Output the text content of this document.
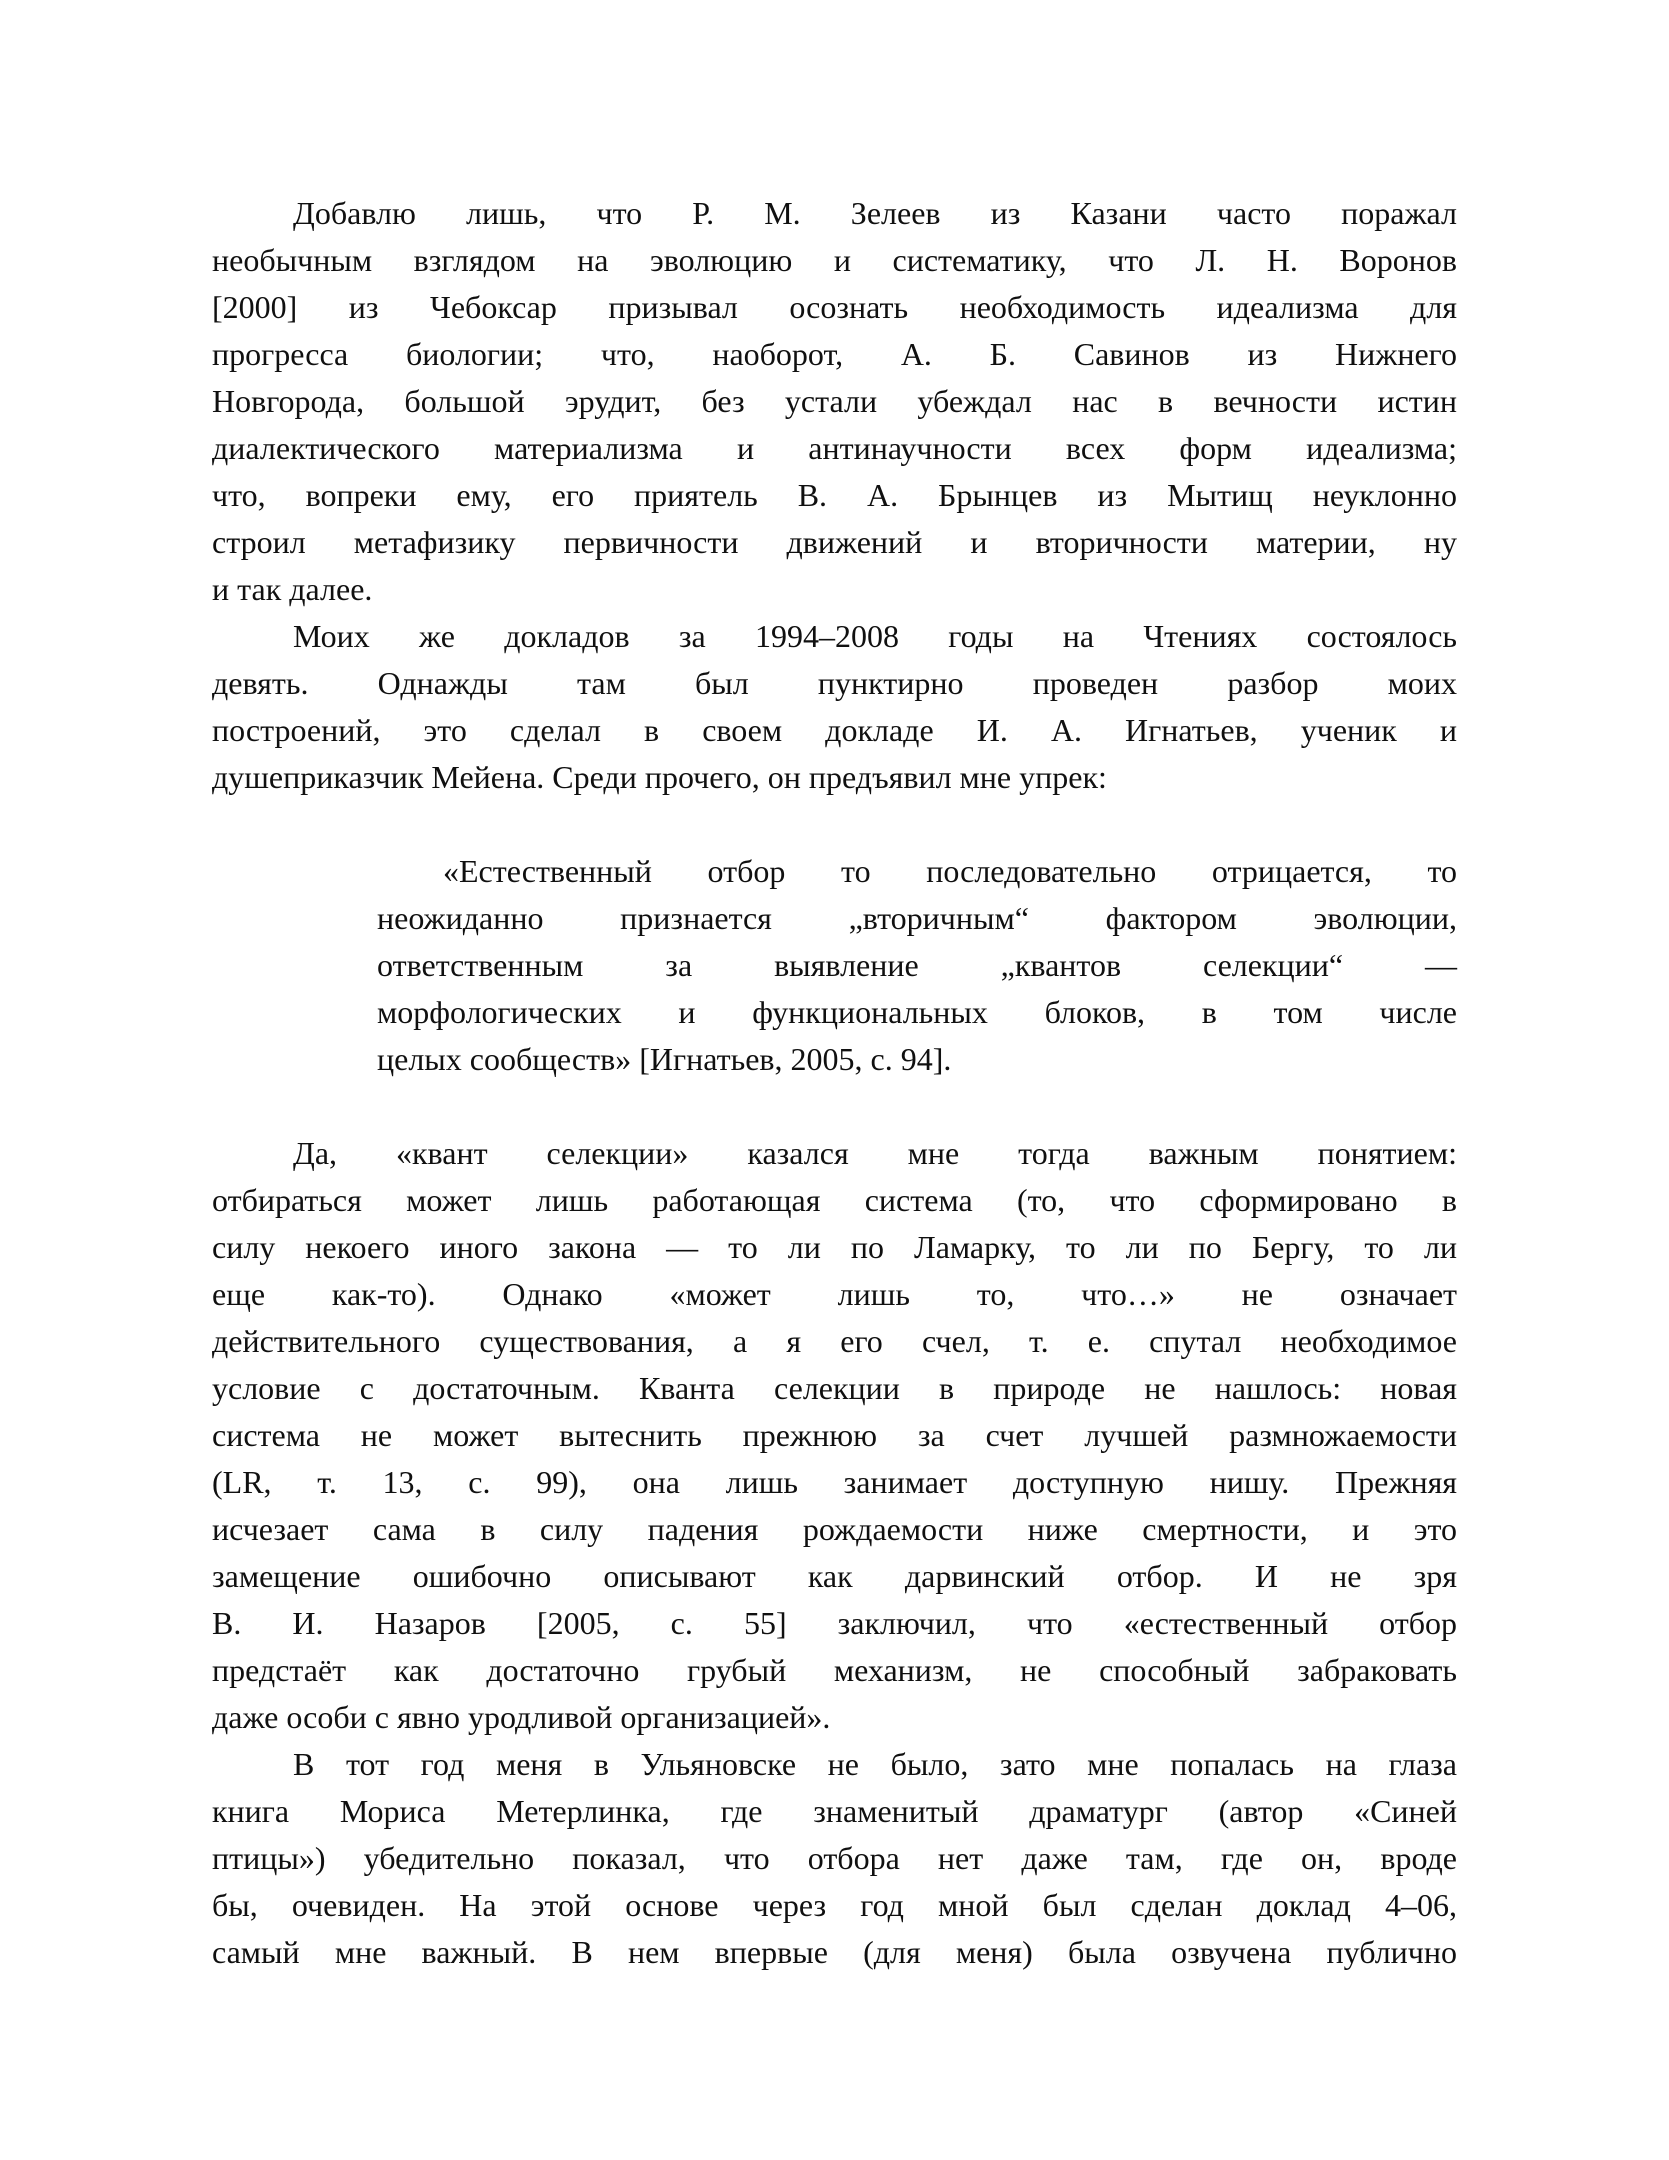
Добавлю лишь, что Р. М. Зелеев из Казани часто поражал
необычным взглядом на эволюцию и систематику, что Л. Н. Воронов
[2000] из Чебоксар призывал осознать необходимость идеализма для
прогресса биологии; что, наоборот, А. Б. Савинов из Нижнего
Новгорода, большой эрудит, без устали убеждал нас в вечности истин
диалектического материализма и антинаучности всех форм идеализма;
что, вопреки ему, его приятель В. А. Брынцев из Мытищ неуклонно
строил метафизику первичности движений и вторичности материи, ну
и так далее.
Моих же докладов за 1994–2008 годы на Чтениях состоялось
девять. Однажды там был пунктирно проведен разбор моих
построений, это сделал в своем докладе И. А. Игнатьев, ученик и
душеприказчик Мейена. Среди прочего, он предъявил мне упрек:
«Естественный отбор то последовательно отрицается, то
неожиданно признается „вторичным“ фактором эволюции,
ответственным за выявление „квантов селекции“ —
морфологических и функциональных блоков, в том числе
целых сообществ» [Игнатьев, 2005, с. 94].
Да, «квант селекции» казался мне тогда важным понятием:
отбираться может лишь работающая система (то, что сформировано в
силу некоего иного закона — то ли по Ламарку, то ли по Бергу, то ли
еще как-то). Однако «может лишь то, что…» не означает
действительного существования, а я его счел, т. е. спутал необходимое
условие с достаточным. Кванта селекции в природе не нашлось: новая
система не может вытеснить прежнюю за счет лучшей размножаемости
(LR, т. 13, с. 99), она лишь занимает доступную нишу. Прежняя
исчезает сама в силу падения рождаемости ниже смертности, и это
замещение ошибочно описывают как дарвинский отбор. И не зря
В. И. Назаров [2005, с. 55] заключил, что «естественный отбор
предстаёт как достаточно грубый механизм, не способный забраковать
даже особи с явно уродливой организацией».
В тот год меня в Ульяновске не было, зато мне попалась на глаза
книга Мориса Метерлинка, где знаменитый драматург (автор «Синей
птицы») убедительно показал, что отбора нет даже там, где он, вроде
бы, очевиден. На этой основе через год мной был сделан доклад 4–06,
самый мне важный. В нем впервые (для меня) была озвучена публично
